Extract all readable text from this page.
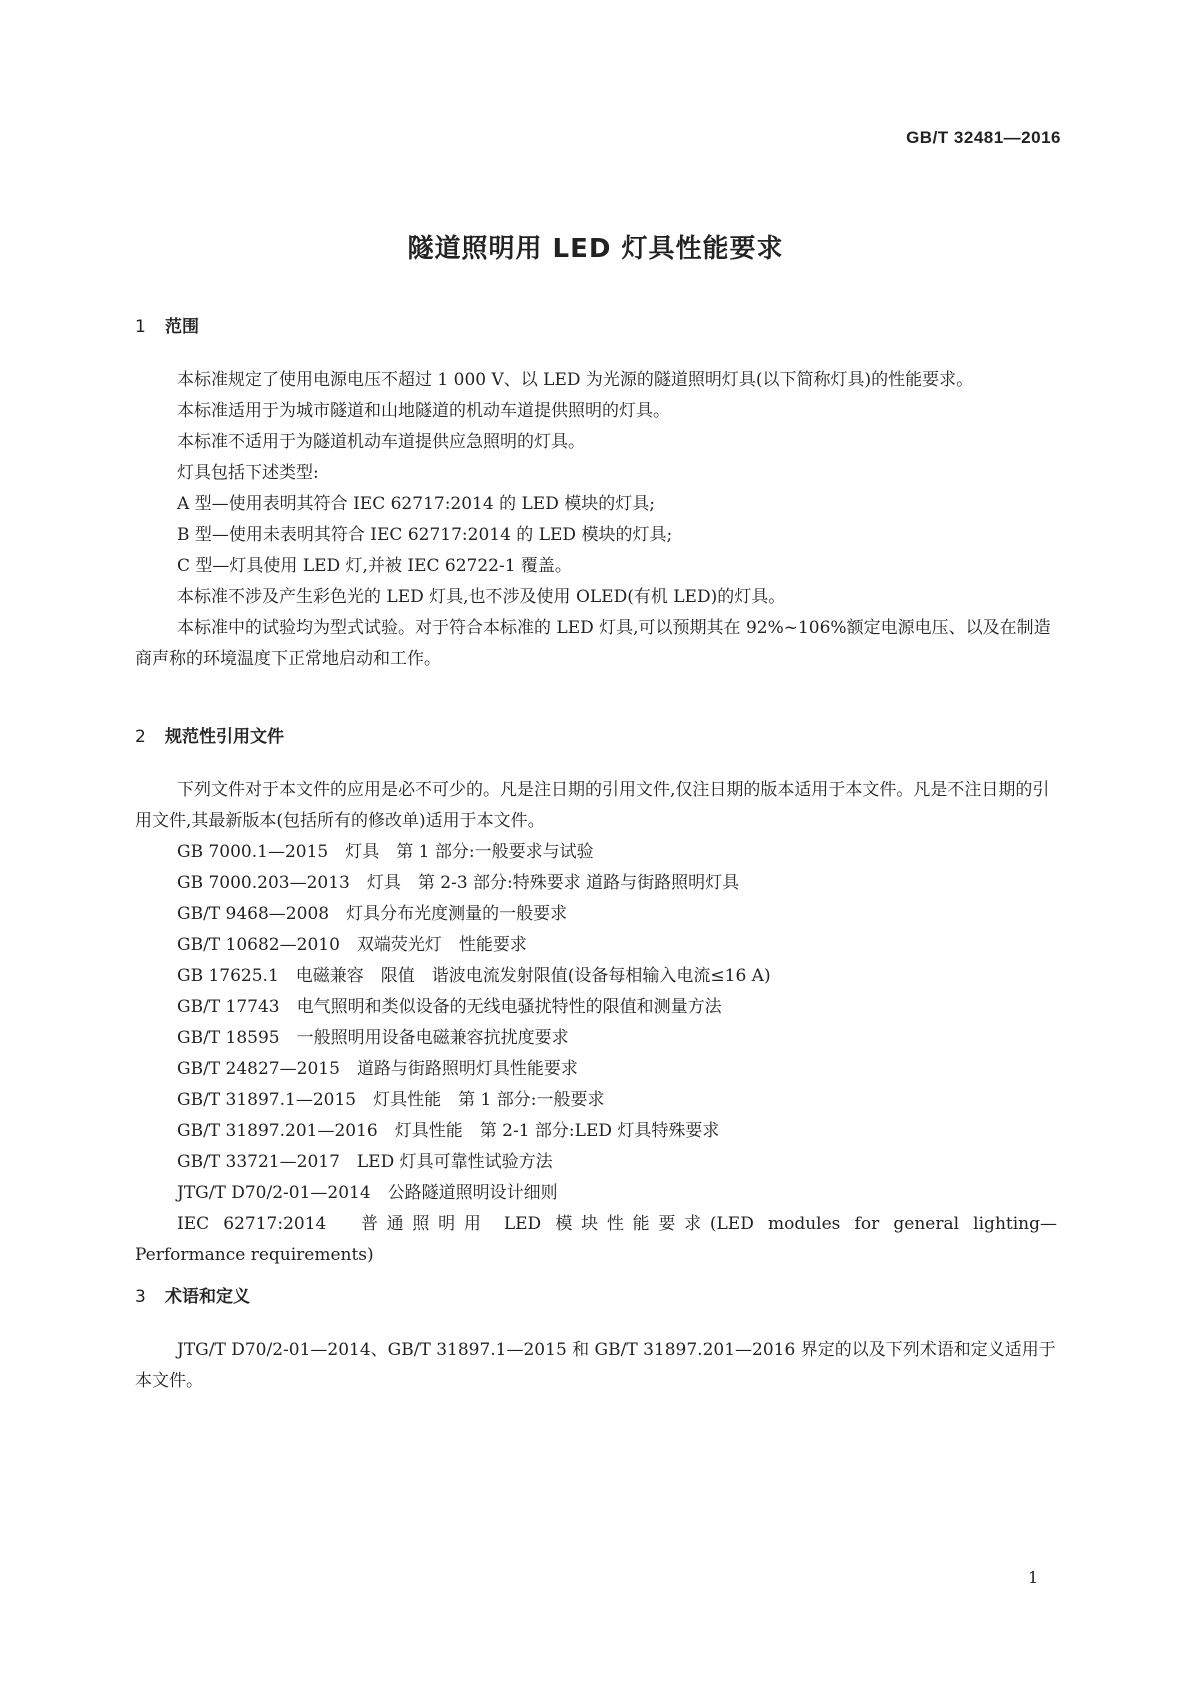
GB/T 32481—2016
隧道照明用 LED 灯具性能要求
1 范围

本标准规定了使用电源电压不超过 1 000 V、以 LED 为光源的隧道照明灯具(以下简称灯具)的性能要求。

本标准适用于为城市隧道和山地隧道的机动车道提供照明的灯具。

本标准不适用于为隧道机动车道提供应急照明的灯具。

灯具包括下述类型:

A 型—使用表明其符合 IEC 62717:2014 的 LED 模块的灯具;

B 型—使用未表明其符合 IEC 62717:2014 的 LED 模块的灯具;

C 型—灯具使用 LED 灯,并被 IEC 62722-1 覆盖。

本标准不涉及产生彩色光的 LED 灯具,也不涉及使用 OLED(有机 LED)的灯具。

本标准中的试验均为型式试验。对于符合本标准的 LED 灯具,可以预期其在 92%~106%额定电源电压、以及在制造商声称的环境温度下正常地启动和工作。

2 规范性引用文件

下列文件对于本文件的应用是必不可少的。凡是注日期的引用文件,仅注日期的版本适用于本文件。凡是不注日期的引用文件,其最新版本(包括所有的修改单)适用于本文件。

GB 7000.1—2015　灯具　第 1 部分:一般要求与试验

GB 7000.203—2013　灯具　第 2-3 部分:特殊要求 道路与街路照明灯具

GB/T 9468—2008　灯具分布光度测量的一般要求

GB/T 10682—2010　双端荧光灯　性能要求

GB 17625.1　电磁兼容　限值　谐波电流发射限值(设备每相输入电流≤16 A)

GB/T 17743　电气照明和类似设备的无线电骚扰特性的限值和测量方法

GB/T 18595　一般照明用设备电磁兼容抗扰度要求

GB/T 24827—2015　道路与街路照明灯具性能要求

GB/T 31897.1—2015　灯具性能　第 1 部分:一般要求

GB/T 31897.201—2016　灯具性能　第 2-1 部分:LED 灯具特殊要求

GB/T 33721—2017　LED 灯具可靠性试验方法

JTG/T D70/2-01—2014　公路隧道照明设计细则

IEC 62717:2014　普通照明用 LED 模块性能要求(LED modules for general lighting—

Performance requirements)

3 术语和定义

JTG/T D70/2-01—2014、GB/T 31897.1—2015 和 GB/T 31897.201—2016 界定的以及下列术语和定义适用于本文件。

1
